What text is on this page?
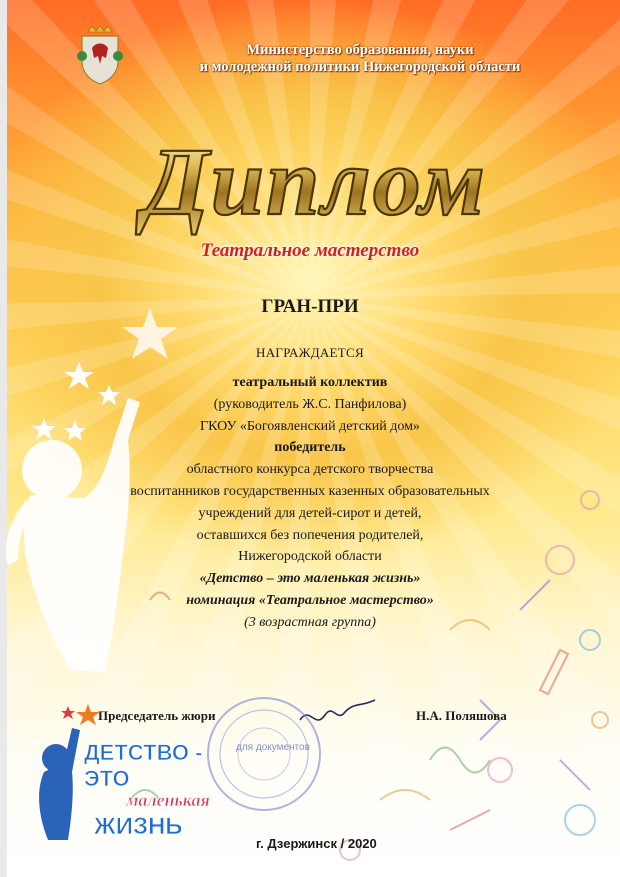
Министерство образования, науки
и молодежной политики Нижегородской области
Диплом
Театральное мастерство
ГРАН-ПРИ
НАГРАЖДАЕТСЯ
театральный коллектив
(руководитель Ж.С. Панфилова)
ГКОУ «Богоявленский детский дом»
победитель
областного конкурса детского творчества
воспитанников государственных казенных образовательных
учреждений для детей-сирот и детей,
оставшихся без попечения родителей,
Нижегородской области
«Детство – это маленькая жизнь»
номинация «Театральное мастерство»
(3 возрастная группа)
для документов
Председатель жюри	Н.А. Поляшова
ДЕТСТВО -
ЭТО
маленькая
ЖИЗНЬ
г. Дзержинск / 2020
